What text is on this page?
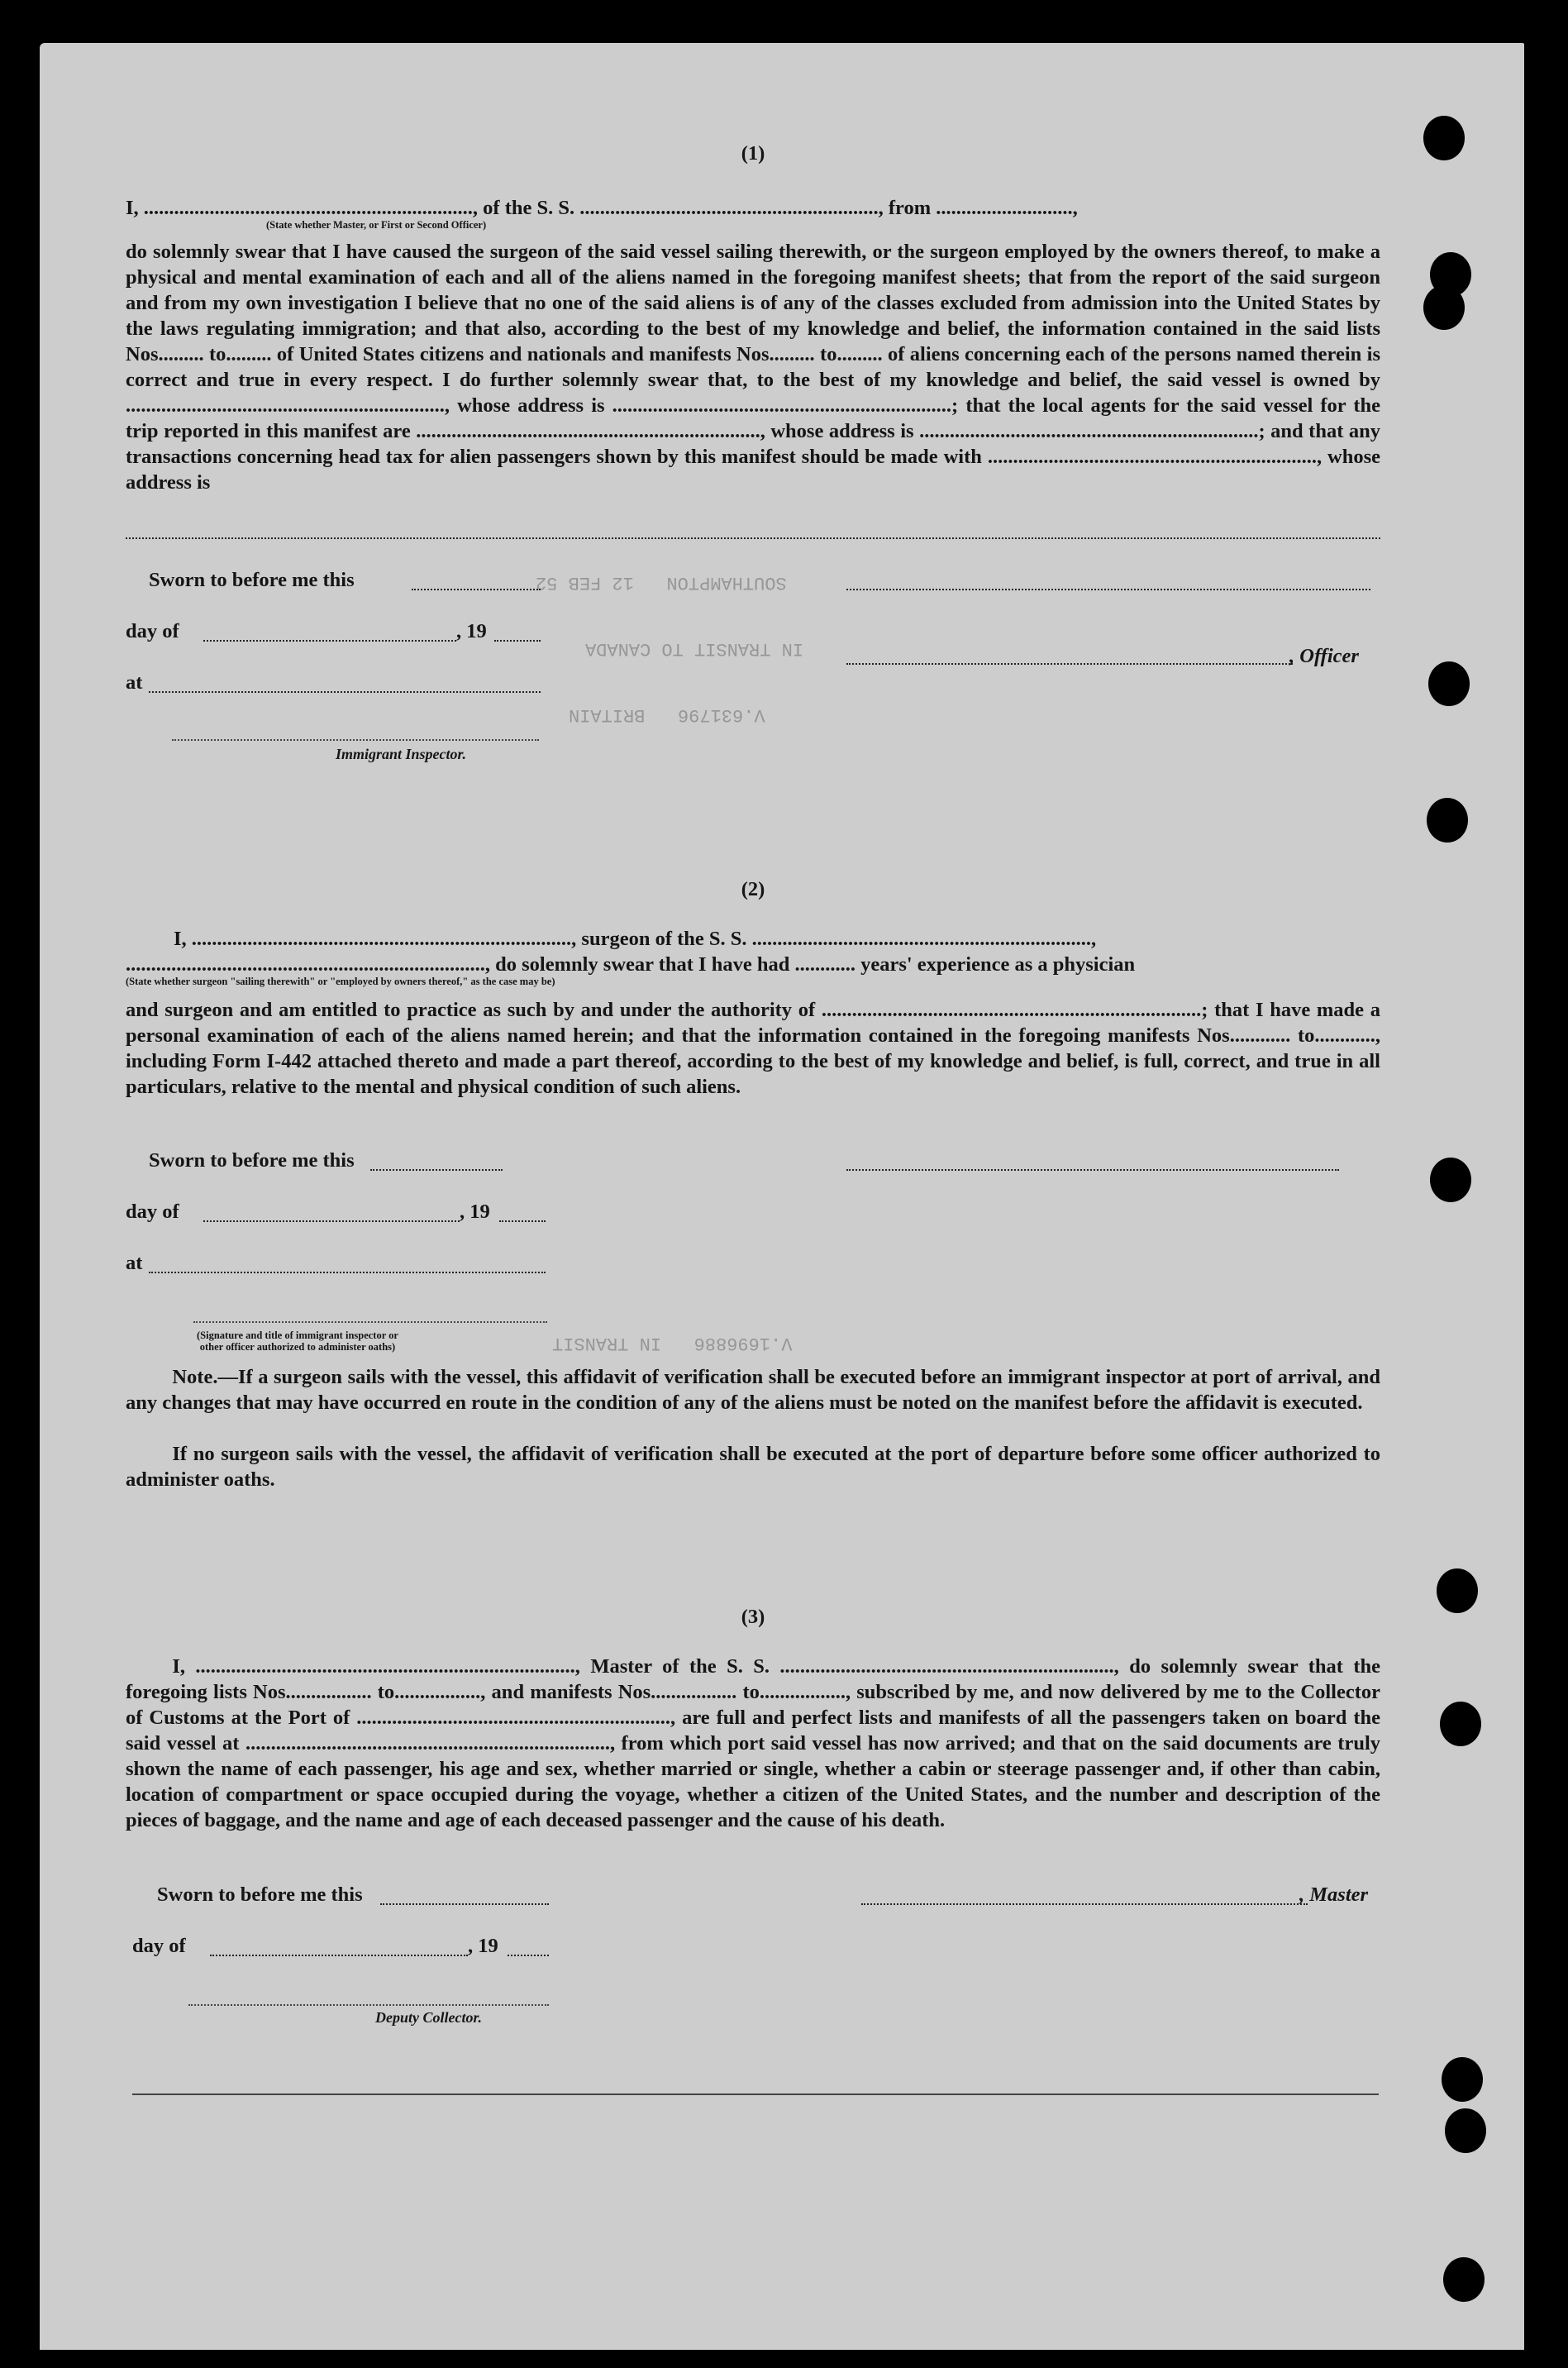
SOUTHAMPTON   12 FEB 52
IN TRANSIT TO CANADA
V.631796   BRITAIN
V.1696886   IN TRANSIT
(1)
I, ................................................................., of the S. S. ..........................................................., from ...........................,
(State whether Master, or First or Second Officer)
do solemnly swear that I have caused the surgeon of the said vessel sailing therewith, or the surgeon employed by the owners thereof, to make a physical and mental examination of each and all of the aliens named in the foregoing manifest sheets; that from the report of the said surgeon and from my own investigation I believe that no one of the said aliens is of any of the classes excluded from admission into the United States by the laws regulating immigration; and that also, according to the best of my knowledge and belief, the information contained in the said lists Nos......... to......... of United States citizens and nationals and manifests Nos......... to......... of aliens concerning each of the persons named therein is correct and true in every respect. I do further solemnly swear that, to the best of my knowledge and belief, the said vessel is owned by ..............................................................., whose address is ...................................................................; that the local agents for the said vessel for the trip reported in this manifest are ...................................................................., whose address is ...................................................................; and that any transactions concerning head tax for alien passengers shown by this manifest should be made with ................................................................., whose address is
Sworn to before me this
day of	, 19
, Officer
at
Immigrant Inspector.
(2)
I, ..........................................................................., surgeon of the S. S. ...................................................................,
......................................................................., do solemnly swear that I have had ............ years' experience as a physician
(State whether surgeon "sailing therewith" or "employed by owners thereof," as the case may be)
and surgeon and am entitled to practice as such by and under the authority of ...........................................................................; that I have made a personal examination of each of the aliens named herein; and that the information contained in the foregoing manifests Nos............ to............, including Form I-442 attached thereto and made a part thereof, according to the best of my knowledge and belief, is full, correct, and true in all particulars, relative to the mental and physical condition of such aliens.
Sworn to before me this
day of	, 19
at
(Signature and title of immigrant inspector or
other officer authorized to administer oaths)
Note.—If a surgeon sails with the vessel, this affidavit of verification shall be executed before an immigrant inspector at port of arrival, and any changes that may have occurred en route in the condition of any of the aliens must be noted on the manifest before the affidavit is executed.
If no surgeon sails with the vessel, the affidavit of verification shall be executed at the port of departure before some officer authorized to administer oaths.
(3)
I, ..........................................................................., Master of the S. S. .................................................................., do solemnly swear that the foregoing lists Nos................. to................., and manifests Nos................. to................., subscribed by me, and now delivered by me to the Collector of Customs at the Port of .............................................................., are full and perfect lists and manifests of all the passengers taken on board the said vessel at ........................................................................, from which port said vessel has now arrived; and that on the said documents are truly shown the name of each passenger, his age and sex, whether married or single, whether a cabin or steerage passenger and, if other than cabin, location of compartment or space occupied during the voyage, whether a citizen of the United States, and the number and description of the pieces of baggage, and the name and age of each deceased passenger and the cause of his death.
Sworn to before me this	, Master
day of	, 19
Deputy Collector.
